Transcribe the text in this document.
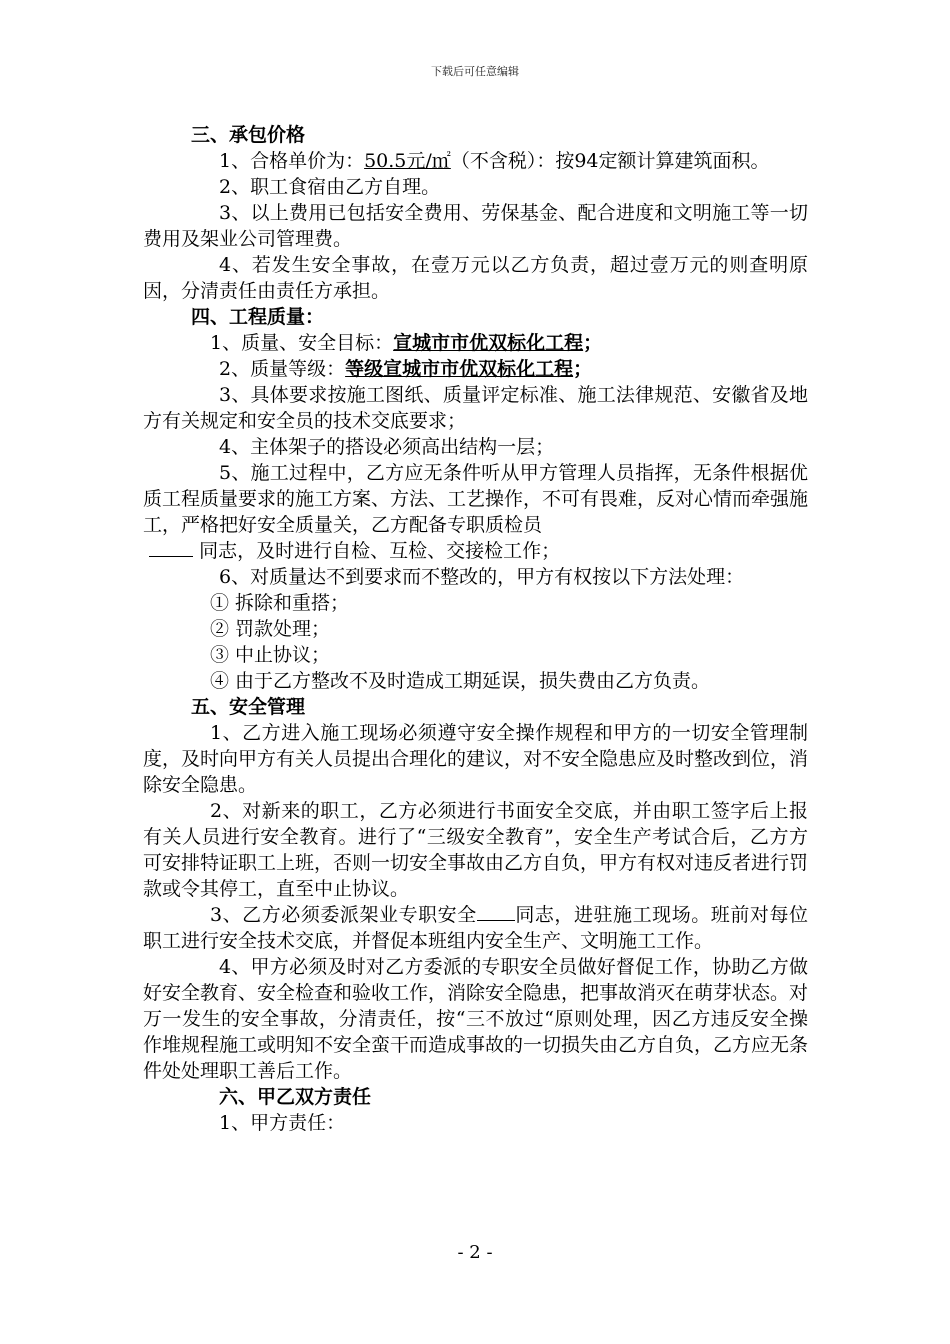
下载后可任意编辑

三、承包价格

1、合格单价为：50.5元/㎡（不含税）：按94定额计算建筑面积。

2、职工食宿由乙方自理。

3、以上费用已包括安全费用、劳保基金、配合进度和文明施工等一切费用及架业公司管理费。

4、若发生安全事故，在壹万元以乙方负责，超过壹万元的则查明原因，分清责任由责任方承担。

四、工程质量：

1、质量、安全目标：宣城市市优双标化工程；

2、质量等级：等级宣城市市优双标化工程；

3、具体要求按施工图纸、质量评定标准、施工法律规范、安徽省及地方有关规定和安全员的技术交底要求；

4、主体架子的搭设必须高出结构一层；

5、施工过程中，乙方应无条件听从甲方管理人员指挥，无条件根据优质工程质量要求的施工方案、方法、工艺操作，不可有畏难，反对心情而牵强施工，严格把好安全质量关，乙方配备专职质检员

同志，及时进行自检、互检、交接检工作；

6、对质量达不到要求而不整改的，甲方有权按以下方法处理：

① 拆除和重搭；

② 罚款处理；

③ 中止协议；

④ 由于乙方整改不及时造成工期延误，损失费由乙方负责。

五、安全管理

1、乙方进入施工现场必须遵守安全操作规程和甲方的一切安全管理制度，及时向甲方有关人员提出合理化的建议，对不安全隐患应及时整改到位，消除安全隐患。

2、对新来的职工，乙方必须进行书面安全交底，并由职工签字后上报有关人员进行安全教育。进行了“三级安全教育”，安全生产考试合后，乙方方可安排特证职工上班，否则一切安全事故由乙方自负，甲方有权对违反者进行罚款或令其停工，直至中止协议。

3、乙方必须委派架业专职安全 同志，进驻施工现场。班前对每位职工进行安全技术交底，并督促本班组内安全生产、文明施工工作。

4、甲方必须及时对乙方委派的专职安全员做好督促工作，协助乙方做好安全教育、安全检查和验收工作，消除安全隐患，把事故消灭在萌芽状态。对万一发生的安全事故，分清责任，按“三不放过“原则处理，因乙方违反安全操作堆规程施工或明知不安全蛮干而造成事故的一切损失由乙方自负，乙方应无条件处处理职工善后工作。

六、甲乙双方责任

1、甲方责任：

- 2 -
